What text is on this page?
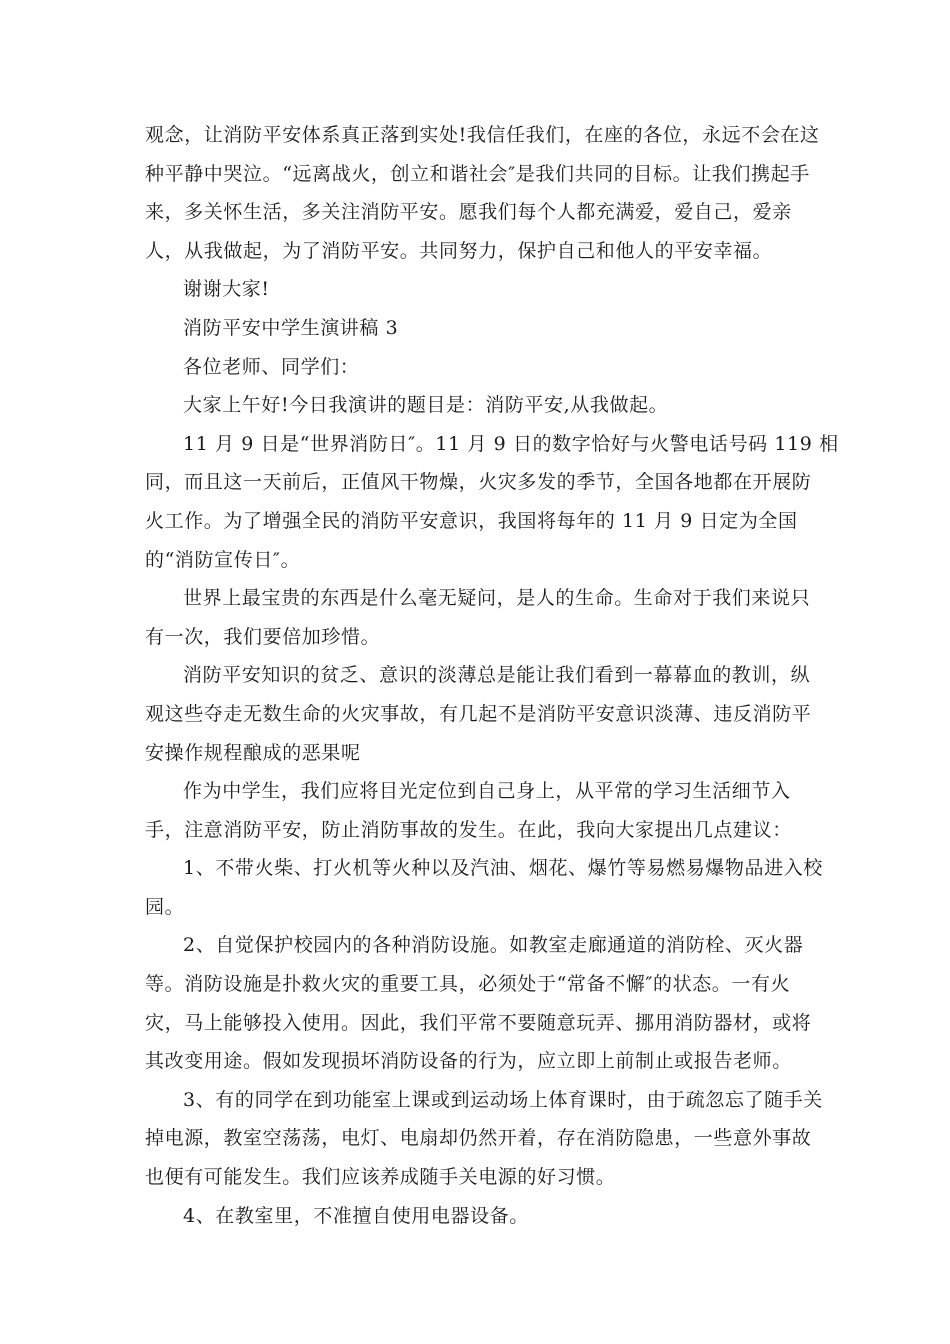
观念，让消防平安体系真正落到实处!我信任我们，在座的各位，永远不会在这
种平静中哭泣。“远离战火，创立和谐社会″是我们共同的目标。让我们携起手
来，多关怀生活，多关注消防平安。愿我们每个人都充满爱，爱自己，爱亲
人，从我做起，为了消防平安。共同努力，保护自己和他人的平安幸福。
谢谢大家!
消防平安中学生演讲稿 3
各位老师、同学们：
大家上午好!今日我演讲的题目是：消防平安,从我做起。
11 月 9 日是“世界消防日″。11 月 9 日的数字恰好与火警电话号码 119 相
同，而且这一天前后，正值风干物燥，火灾多发的季节，全国各地都在开展防
火工作。为了增强全民的消防平安意识，我国将每年的 11 月 9 日定为全国
的“消防宣传日″。
世界上最宝贵的东西是什么毫无疑问，是人的生命。生命对于我们来说只
有一次，我们要倍加珍惜。
消防平安知识的贫乏、意识的淡薄总是能让我们看到一幕幕血的教训，纵
观这些夺走无数生命的火灾事故，有几起不是消防平安意识淡薄、违反消防平
安操作规程酿成的恶果呢
作为中学生，我们应将目光定位到自己身上，从平常的学习生活细节入
手，注意消防平安，防止消防事故的发生。在此，我向大家提出几点建议：
1、不带火柴、打火机等火种以及汽油、烟花、爆竹等易燃易爆物品进入校
园。
2、自觉保护校园内的各种消防设施。如教室走廊通道的消防栓、灭火器
等。消防设施是扑救火灾的重要工具，必须处于“常备不懈″的状态。一有火
灾，马上能够投入使用。因此，我们平常不要随意玩弄、挪用消防器材，或将
其改变用途。假如发现损坏消防设备的行为，应立即上前制止或报告老师。
3、有的同学在到功能室上课或到运动场上体育课时，由于疏忽忘了随手关
掉电源，教室空荡荡，电灯、电扇却仍然开着，存在消防隐患，一些意外事故
也便有可能发生。我们应该养成随手关电源的好习惯。
4、在教室里，不准擅自使用电器设备。
